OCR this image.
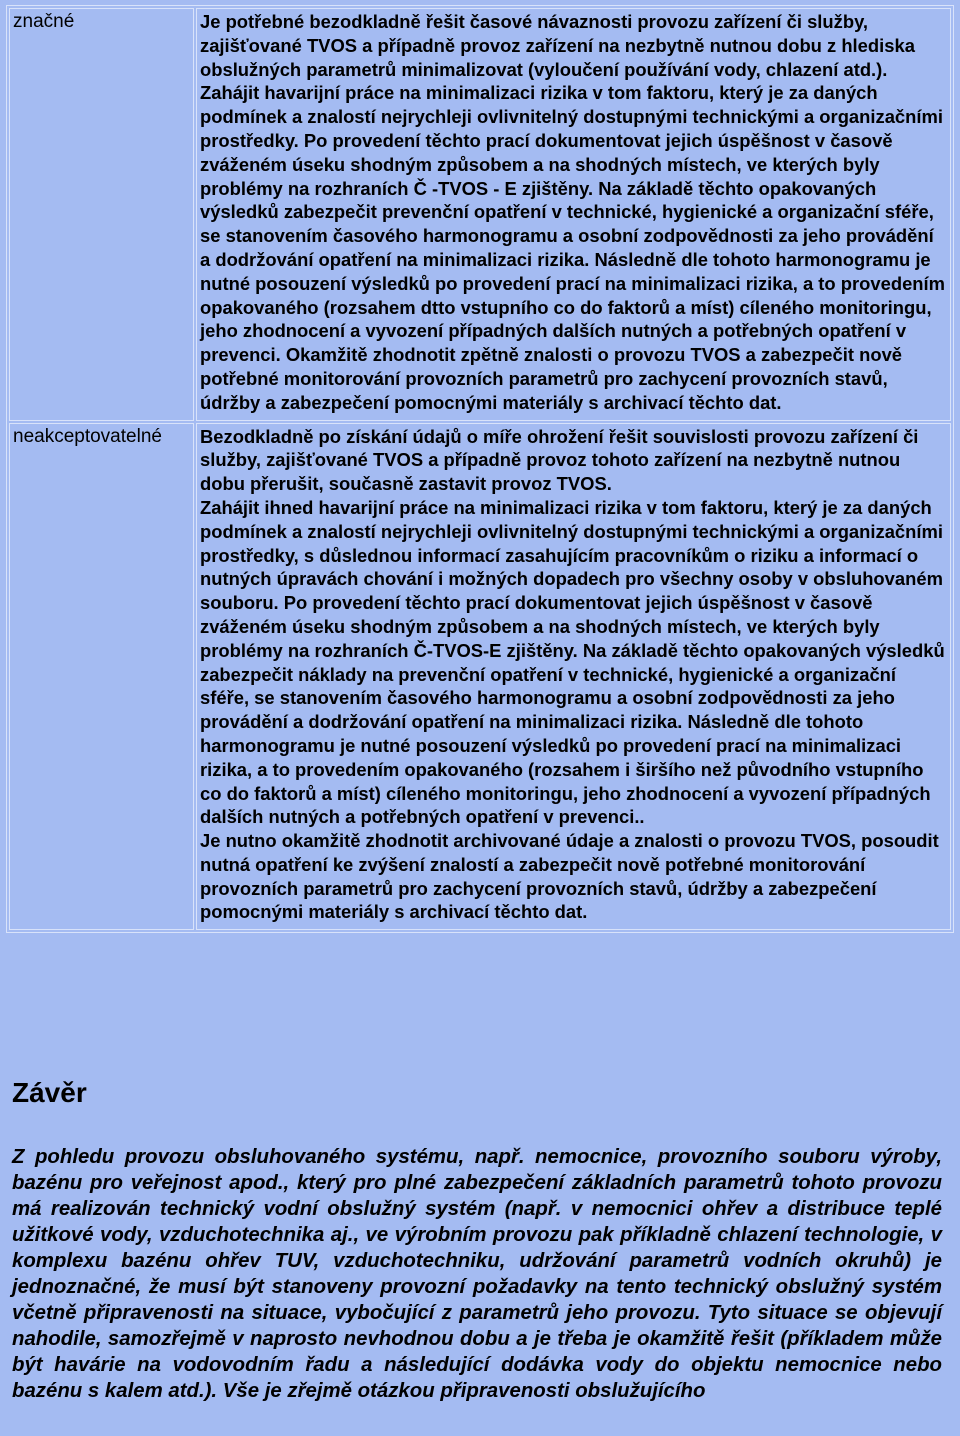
značné	Je potřebné bezodkladně řešit časové návaznosti provozu zařízení či služby, zajišťované TVOS a případně provoz zařízení na nezbytně nutnou dobu z hlediska obslužných parametrů minimalizovat (vyloučení používání vody, chlazení atd.). Zahájit havarijní práce na minimalizaci rizika v tom faktoru, který je za daných podmínek a znalostí nejrychleji ovlivnitelný dostupnými technickými a organizačními prostředky. Po provedení těchto prací dokumentovat jejich úspěšnost v časově zváženém úseku shodným způsobem a na shodných místech, ve kterých byly problémy na rozhraních Č -TVOS - E zjištěny. Na základě těchto opakovaných výsledků zabezpečit prevenční opatření v technické, hygienické a organizační sféře, se stanovením časového harmonogramu a osobní zodpovědnosti za jeho provádění a dodržování opatření na minimalizaci rizika. Následně dle tohoto harmonogramu je nutné posouzení výsledků po provedení prací na minimalizaci rizika, a to provedením opakovaného (rozsahem dtto vstupního co do faktorů a míst) cíleného monitoringu, jeho zhodnocení a vyvození případných dalších nutných a potřebných opatření v prevenci. Okamžitě zhodnotit zpětně znalosti o provozu TVOS a zabezpečit nově potřebné monitorování provozních parametrů pro zachycení provozních stavů, údržby a zabezpečení pomocnými materiály s archivací těchto dat.

neakceptovatelné	Bezodkladně po získání údajů o míře ohrožení řešit souvislosti provozu zařízení či služby, zajišťované TVOS a případně provoz tohoto zařízení na nezbytně nutnou dobu přerušit, současně zastavit provoz TVOS.

Zahájit ihned havarijní práce na minimalizaci rizika v tom faktoru, který je za daných podmínek a znalostí nejrychleji ovlivnitelný dostupnými technickými a organizačními prostředky, s důslednou informací zasahujícím pracovníkům o riziku a informací o nutných úpravách chování i možných dopadech pro všechny osoby v obsluhovaném souboru. Po provedení těchto prací dokumentovat jejich úspěšnost v časově zváženém úseku shodným způsobem a na shodných místech, ve kterých byly problémy na rozhraních Č-TVOS-E zjištěny. Na základě těchto opakovaných výsledků zabezpečit náklady na prevenční opatření v technické, hygienické a organizační sféře, se stanovením časového harmonogramu a osobní zodpovědnosti za jeho provádění a dodržování opatření na minimalizaci rizika. Následně dle tohoto harmonogramu je nutné posouzení výsledků po provedení prací na minimalizaci rizika, a to provedením opakovaného (rozsahem i širšího než původního vstupního co do faktorů a míst) cíleného monitoringu, jeho zhodnocení a vyvození případných dalších nutných a potřebných opatření v prevenci..

Je nutno okamžitě zhodnotit archivované údaje a znalosti o provozu TVOS, posoudit nutná opatření ke zvýšení znalostí a zabezpečit nově potřebné monitorování provozních parametrů pro zachycení provozních stavů, údržby a zabezpečení pomocnými materiály s archivací těchto dat.

Závěr

Z pohledu provozu obsluhovaného systému, např. nemocnice, provozního souboru výroby, bazénu pro veřejnost apod., který pro plné zabezpečení základních parametrů tohoto provozu má realizován technický vodní obslužný systém (např. v nemocnici ohřev a distribuce teplé užitkové vody, vzduchotechnika aj., ve výrobním provozu pak příkladně chlazení technologie, v komplexu bazénu ohřev TUV, vzduchotechniku, udržování parametrů vodních okruhů) je jednoznačné, že musí být stanoveny provozní požadavky na tento technický obslužný systém včetně připravenosti na situace, vybočující z parametrů jeho provozu. Tyto situace se objevují nahodile, samozřejmě v naprosto nevhodnou dobu a je třeba je okamžitě řešit (příkladem může být havárie na vodovodním řadu a následující dodávka vody do objektu nemocnice nebo bazénu s kalem atd.). Vše je zřejmě otázkou připravenosti obslužujícího
